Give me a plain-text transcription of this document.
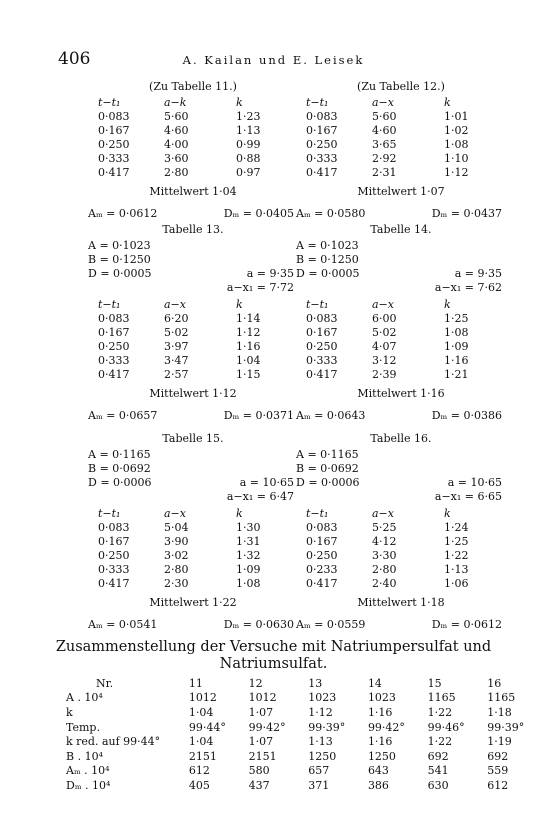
406	A. Kailan und E. Leisek
(Zu Tabelle 11.)
t−t₁	a−k	k
0·083	5·60	1·23
0·167	4·60	1·13
0·250	4·00	0·99
0·333	3·60	0·88
0·417	2·80	0·97
Mittelwert 1·04
Aₘ = 0·0612	Dₘ = 0·0405
(Zu Tabelle 12.)
t−t₁	a−x	k
0·083	5·60	1·01
0·167	4·60	1·02
0·250	3·65	1·08
0·333	2·92	1·10
0·417	2·31	1·12
Mittelwert 1·07
Aₘ = 0·0580	Dₘ = 0·0437
Tabelle 13.
A = 0·1023
B = 0·1250
D = 0·0005	a = 9·35
a−x₁ = 7·72
t−t₁	a−x	k
0·083	6·20	1·14
0·167	5·02	1·12
0·250	3·97	1·16
0·333	3·47	1·04
0·417	2·57	1·15
Mittelwert 1·12
Aₘ = 0·0657	Dₘ = 0·0371
Tabelle 14.
A = 0·1023
B = 0·1250
D = 0·0005	a = 9·35
a−x₁ = 7·62
t−t₁	a−x	k
0·083	6·00	1·25
0·167	5·02	1·08
0·250	4·07	1·09
0·333	3·12	1·16
0·417	2·39	1·21
Mittelwert 1·16
Aₘ = 0·0643	Dₘ = 0·0386
Tabelle 15.
A = 0·1165
B = 0·0692
D = 0·0006	a = 10·65
a−x₁ = 6·47
t−t₁	a−x	k
0·083	5·04	1·30
0·167	3·90	1·31
0·250	3·02	1·32
0·333	2·80	1·09
0·417	2·30	1·08
Mittelwert 1·22
Aₘ = 0·0541	Dₘ = 0·0630
Tabelle 16.
A = 0·1165
B = 0·0692
D = 0·0006	a = 10·65
a−x₁ = 6·65
t−t₁	a−x	k
0·083	5·25	1·24
0·167	4·12	1·25
0·250	3·30	1·22
0·233	2·80	1·13
0·417	2·40	1·06
Mittelwert 1·18
Aₘ = 0·0559	Dₘ = 0·0612
Zusammenstellung der Versuche mit Natriumpersulfat und
Natriumsulfat.
Nr.	11	12	13	14	15	16
A . 10⁴	1012	1012	1023	1023	1165	1165
k	1·04	1·07	1·12	1·16	1·22	1·18
Temp.	99·44°	99·42°	99·39°	99·42°	99·46°	99·39°
k red. auf 99·44°	1·04	1·07	1·13	1·16	1·22	1·19
B . 10⁴	2151	2151	1250	1250	692	692
Aₘ . 10⁴	612	580	657	643	541	559
Dₘ . 10⁴	405	437	371	386	630	612
